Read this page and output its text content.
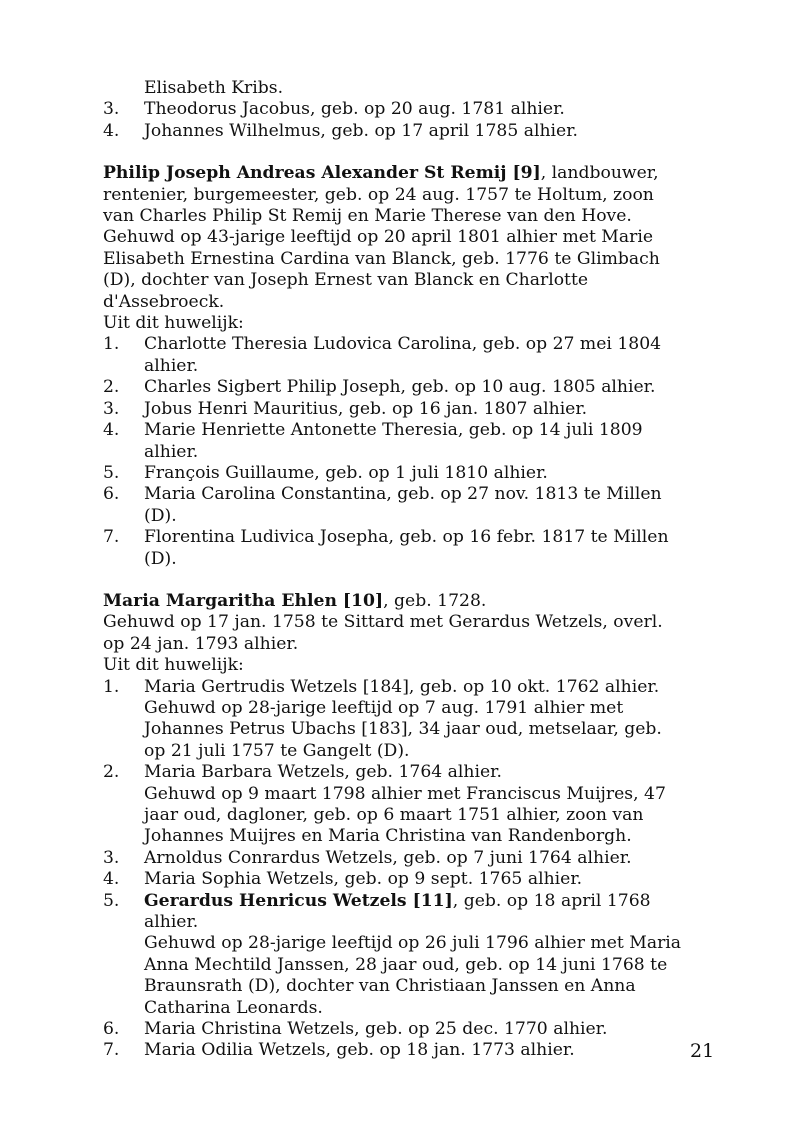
Elisabeth Kribs.
3.	Theodorus Jacobus, geb. op 20 aug. 1781 alhier.
4.	Johannes Wilhelmus, geb. op 17 april 1785 alhier.
Philip Joseph Andreas Alexander St Remij [9], landbouwer,
rentenier, burgemeester, geb. op 24 aug. 1757 te Holtum, zoon
van Charles Philip St Remij en Marie Therese van den Hove.
Gehuwd op 43-jarige leeftijd op 20 april 1801 alhier met Marie
Elisabeth Ernestina Cardina van Blanck, geb. 1776 te Glimbach
(D), dochter van Joseph Ernest van Blanck en Charlotte
d'Assebroeck.
Uit dit huwelijk:
1.	Charlotte Theresia Ludovica Carolina, geb. op 27 mei 1804
alhier.
2.	Charles Sigbert Philip Joseph, geb. op 10 aug. 1805 alhier.
3.	Jobus Henri Mauritius, geb. op 16 jan. 1807 alhier.
4.	Marie Henriette Antonette Theresia, geb. op 14 juli 1809
alhier.
5.	François Guillaume, geb. op 1 juli 1810 alhier.
6.	Maria Carolina Constantina, geb. op 27 nov. 1813 te Millen
(D).
7.	Florentina Ludivica Josepha, geb. op 16 febr. 1817 te Millen
(D).
Maria Margaritha Ehlen [10], geb. 1728.
Gehuwd op 17 jan. 1758 te Sittard met Gerardus Wetzels, overl.
op 24 jan. 1793 alhier.
Uit dit huwelijk:
1.	Maria Gertrudis Wetzels [184], geb. op 10 okt. 1762 alhier.
Gehuwd op 28-jarige leeftijd op 7 aug. 1791 alhier met
Johannes Petrus Ubachs [183], 34 jaar oud, metselaar, geb.
op 21 juli 1757 te Gangelt (D).
2.	Maria Barbara Wetzels, geb. 1764 alhier.
Gehuwd op 9 maart 1798 alhier met Franciscus Muijres, 47
jaar oud, dagloner, geb. op 6 maart 1751 alhier, zoon van
Johannes Muijres en Maria Christina van Randenborgh.
3.	Arnoldus Conrardus Wetzels, geb. op 7 juni 1764 alhier.
4.	Maria Sophia Wetzels, geb. op 9 sept. 1765 alhier.
5.	Gerardus Henricus Wetzels [11], geb. op 18 april 1768
alhier.
Gehuwd op 28-jarige leeftijd op 26 juli 1796 alhier met Maria
Anna Mechtild Janssen, 28 jaar oud, geb. op 14 juni 1768 te
Braunsrath (D), dochter van Christiaan Janssen en Anna
Catharina Leonards.
6.	Maria Christina Wetzels, geb. op 25 dec. 1770 alhier.
7.	Maria Odilia Wetzels, geb. op 18 jan. 1773 alhier.	21
